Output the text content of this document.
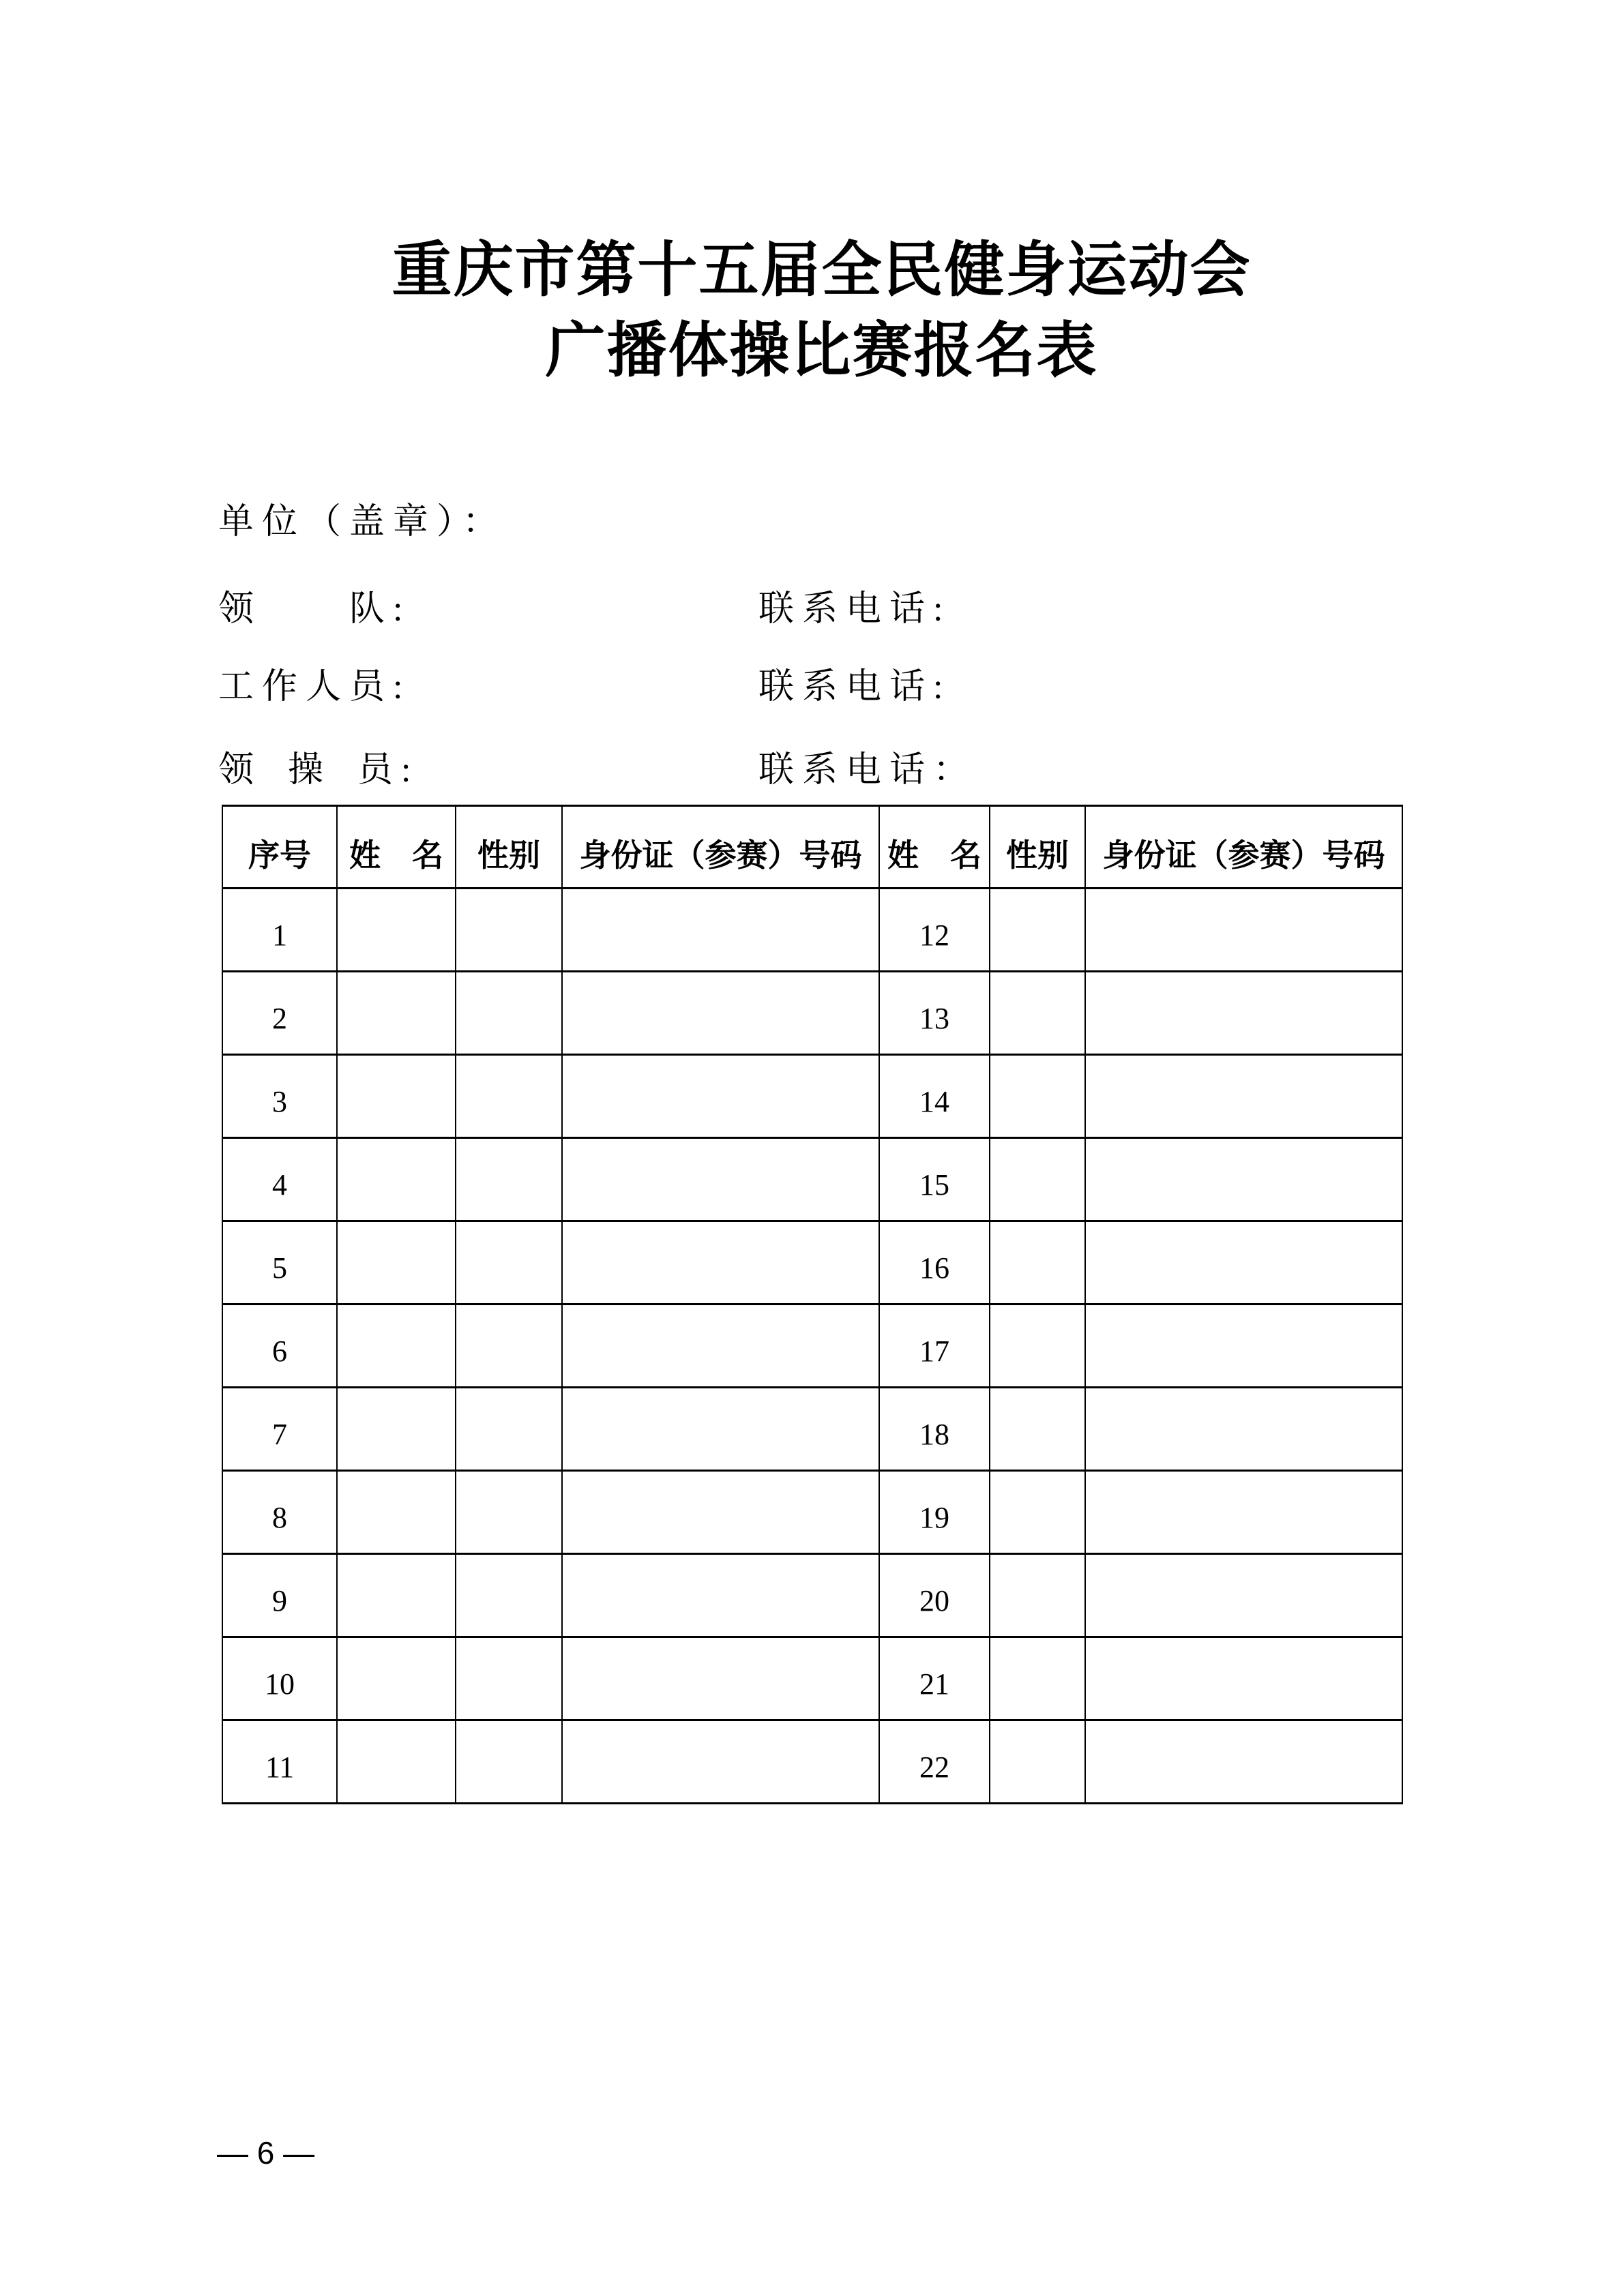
重庆市第十五届全民健身运动会
广播体操比赛报名表
单位（盖章）：
领　　队:	联系电话:
工作人员:	联系电话:
领 操 员:	联系电话：
序号	姓　名	性别	身份证（参赛）号码	姓　名	性别	身份证（参赛）号码
1				12		
2				13		
3				14		
4				15		
5				16		
6				17		
7				18		
8				19		
9				20		
10				21		
11				22		
— 6 —
